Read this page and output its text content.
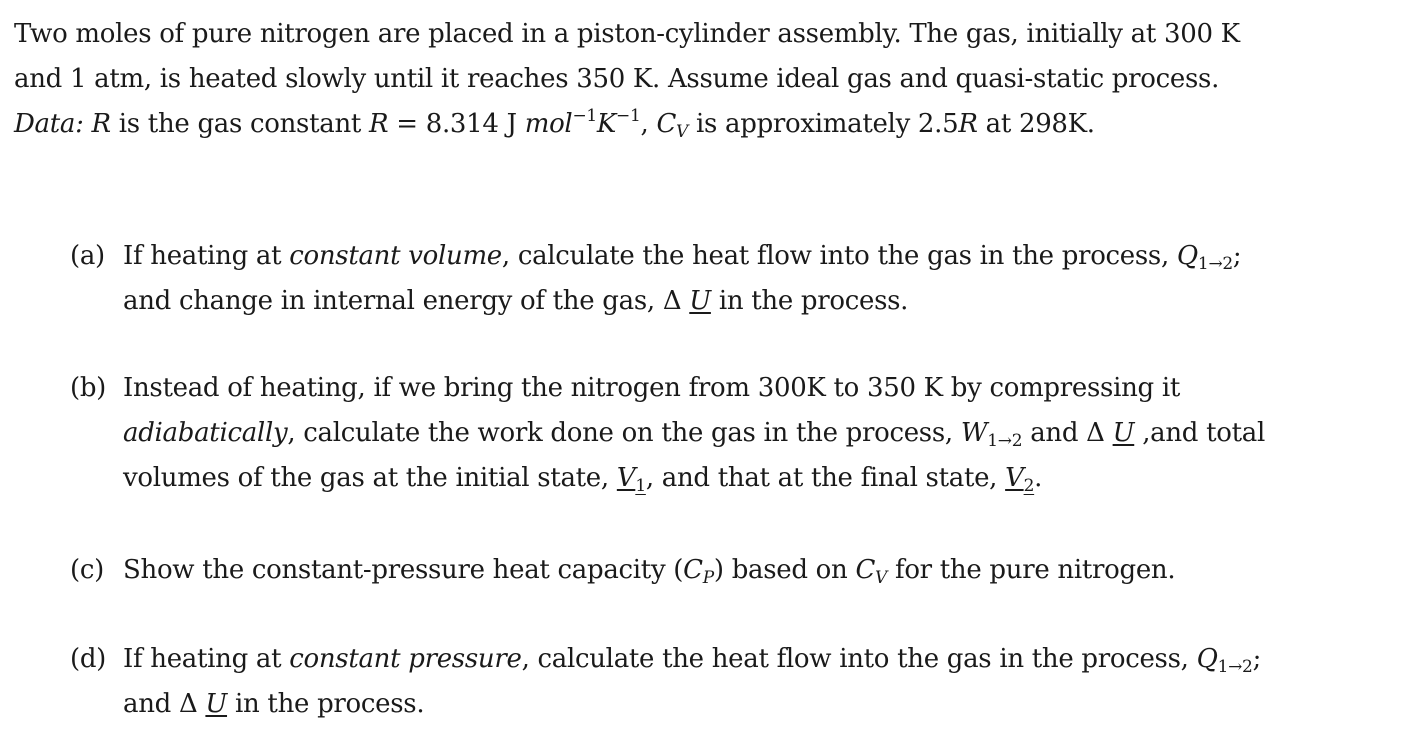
Two moles of pure nitrogen are placed in a piston-cylinder assembly. The gas, initially at 300 K
and 1 atm, is heated slowly until it reaches 350 K. Assume ideal gas and quasi-static process.
Data: R is the gas constant R = 8.314 J $mol^{-1}K^{-1}$, $C_V$ is approximately 2.5R at 298K.
(a) If heating at constant volume, calculate the heat flow into the gas in the process, $Q_{1\to 2}$;
and change in internal energy of the gas, Δ U in the process.
(b) Instead of heating, if we bring the nitrogen from 300K to 350 K by compressing it
adiabatically, calculate the work done on the gas in the process, $W_{1\to 2}$ and Δ U ,and total
volumes of the gas at the initial state, $V_1$, and that at the final state, $V_2$.
(c) Show the constant-pressure heat capacity $(C_P)$ based on $C_V$ for the pure nitrogen.
(d) If heating at constant pressure, calculate the heat flow into the gas in the process, $Q_{1\to 2}$;
and Δ U in the process.
